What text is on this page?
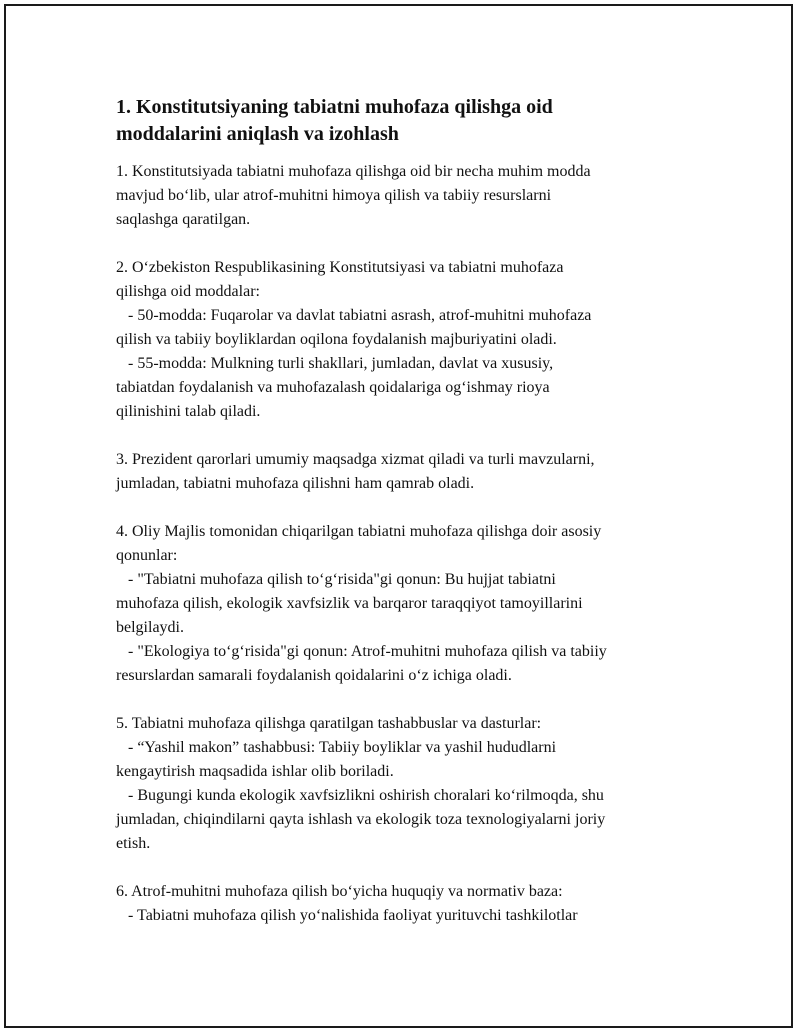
1. Konstitutsiyaning tabiatni muhofaza qilishga oid
moddalarini aniqlash va izohlash

1. Konstitutsiyada tabiatni muhofaza qilishga oid bir necha muhim modda
mavjud bo‘lib, ular atrof-muhitni himoya qilish va tabiiy resurslarni
saqlashga qaratilgan.

2. O‘zbekiston Respublikasining Konstitutsiyasi va tabiatni muhofaza
qilishga oid moddalar:
- 50-modda: Fuqarolar va davlat tabiatni asrash, atrof-muhitni muhofaza
qilish va tabiiy boyliklardan oqilona foydalanish majburiyatini oladi.
- 55-modda: Mulkning turli shakllari, jumladan, davlat va xususiy,
tabiatdan foydalanish va muhofazalash qoidalariga og‘ishmay rioya
qilinishini talab qiladi.

3. Prezident qarorlari umumiy maqsadga xizmat qiladi va turli mavzularni,
jumladan, tabiatni muhofaza qilishni ham qamrab oladi.

4. Oliy Majlis tomonidan chiqarilgan tabiatni muhofaza qilishga doir asosiy
qonunlar:
- "Tabiatni muhofaza qilish to‘g‘risida"gi qonun: Bu hujjat tabiatni
muhofaza qilish, ekologik xavfsizlik va barqaror taraqqiyot tamoyillarini
belgilaydi.
- "Ekologiya to‘g‘risida"gi qonun: Atrof-muhitni muhofaza qilish va tabiiy
resurslardan samarali foydalanish qoidalarini o‘z ichiga oladi.

5. Tabiatni muhofaza qilishga qaratilgan tashabbuslar va dasturlar:
- “Yashil makon” tashabbusi: Tabiiy boyliklar va yashil hududlarni
kengaytirish maqsadida ishlar olib boriladi.
- Bugungi kunda ekologik xavfsizlikni oshirish choralari ko‘rilmoqda, shu
jumladan, chiqindilarni qayta ishlash va ekologik toza texnologiyalarni joriy
etish.

6. Atrof-muhitni muhofaza qilish bo‘yicha huquqiy va normativ baza:
- Tabiatni muhofaza qilish yo‘nalishida faoliyat yurituvchi tashkilotlar
